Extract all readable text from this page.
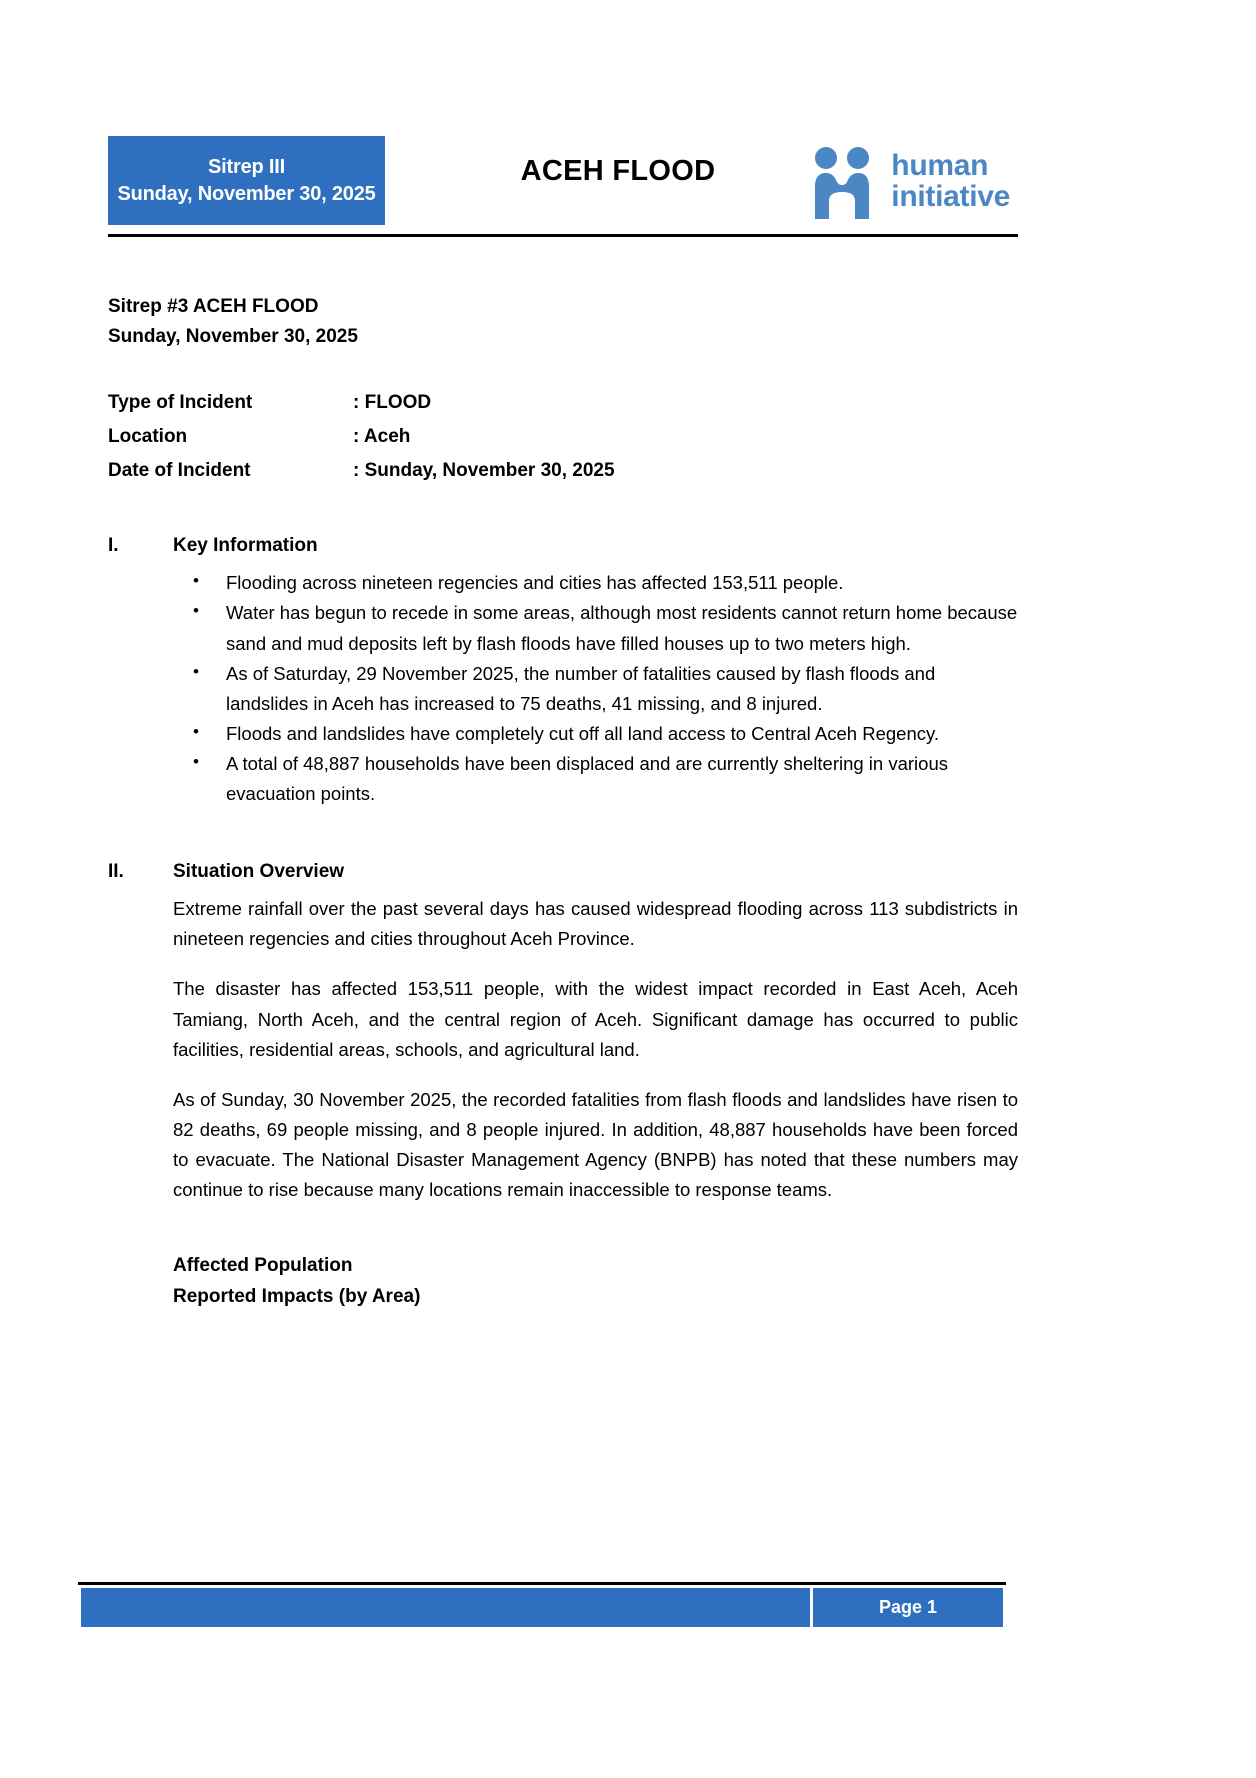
Sitrep III
Sunday, November 30, 2025
ACEH FLOOD	human
initiative
Sitrep #3 ACEH FLOOD
Sunday, November 30, 2025
Type of Incident	: FLOOD
Location	: Aceh
Date of Incident	: Sunday, November 30, 2025
I.	Key Information
• Flooding across nineteen regencies and cities has affected 153,511 people.
• Water has begun to recede in some areas, although most residents cannot return home because sand and mud deposits left by flash floods have filled houses up to two meters high.
• As of Saturday, 29 November 2025, the number of fatalities caused by flash floods and landslides in Aceh has increased to 75 deaths, 41 missing, and 8 injured.
• Floods and landslides have completely cut off all land access to Central Aceh Regency.
• A total of 48,887 households have been displaced and are currently sheltering in various evacuation points.
II.	Situation Overview

Extreme rainfall over the past several days has caused widespread flooding across 113 subdistricts in nineteen regencies and cities throughout Aceh Province.

The disaster has affected 153,511 people, with the widest impact recorded in East Aceh, Aceh Tamiang, North Aceh, and the central region of Aceh. Significant damage has occurred to public facilities, residential areas, schools, and agricultural land.

As of Sunday, 30 November 2025, the recorded fatalities from flash floods and landslides have risen to 82 deaths, 69 people missing, and 8 people injured. In addition, 48,887 households have been forced to evacuate. The National Disaster Management Agency (BNPB) has noted that these numbers may continue to rise because many locations remain inaccessible to response teams.

Affected Population
Reported Impacts (by Area)
Page 1
